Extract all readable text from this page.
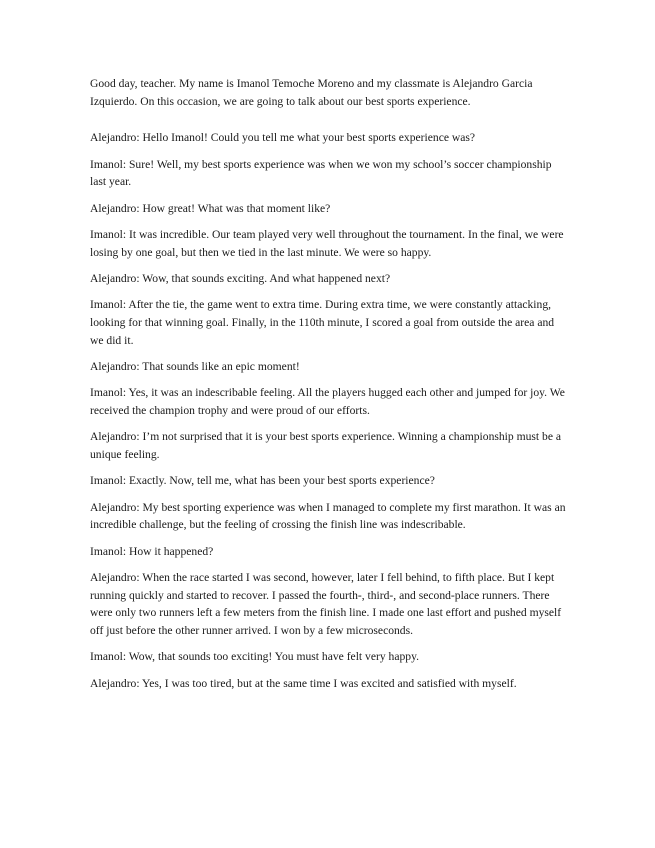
Good day, teacher. My name is Imanol Temoche Moreno and my classmate is Alejandro Garcia Izquierdo. On this occasion, we are going to talk about our best sports experience.

Alejandro: Hello Imanol! Could you tell me what your best sports experience was?

Imanol: Sure! Well, my best sports experience was when we won my school’s soccer championship last year.

Alejandro: How great! What was that moment like?

Imanol: It was incredible. Our team played very well throughout the tournament. In the final, we were losing by one goal, but then we tied in the last minute. We were so happy.

Alejandro: Wow, that sounds exciting. And what happened next?

Imanol: After the tie, the game went to extra time. During extra time, we were constantly attacking, looking for that winning goal. Finally, in the 110th minute, I scored a goal from outside the area and we did it.

Alejandro: That sounds like an epic moment!

Imanol: Yes, it was an indescribable feeling. All the players hugged each other and jumped for joy. We received the champion trophy and were proud of our efforts.

Alejandro: I’m not surprised that it is your best sports experience. Winning a championship must be a unique feeling.

Imanol: Exactly. Now, tell me, what has been your best sports experience?

Alejandro: My best sporting experience was when I managed to complete my first marathon. It was an incredible challenge, but the feeling of crossing the finish line was indescribable.

Imanol: How it happened?

Alejandro: When the race started I was second, however, later I fell behind, to fifth place. But I kept running quickly and started to recover. I passed the fourth-, third-, and second-place runners. There were only two runners left a few meters from the finish line. I made one last effort and pushed myself off just before the other runner arrived. I won by a few microseconds.

Imanol: Wow, that sounds too exciting! You must have felt very happy.

Alejandro: Yes, I was too tired, but at the same time I was excited and satisfied with myself.
